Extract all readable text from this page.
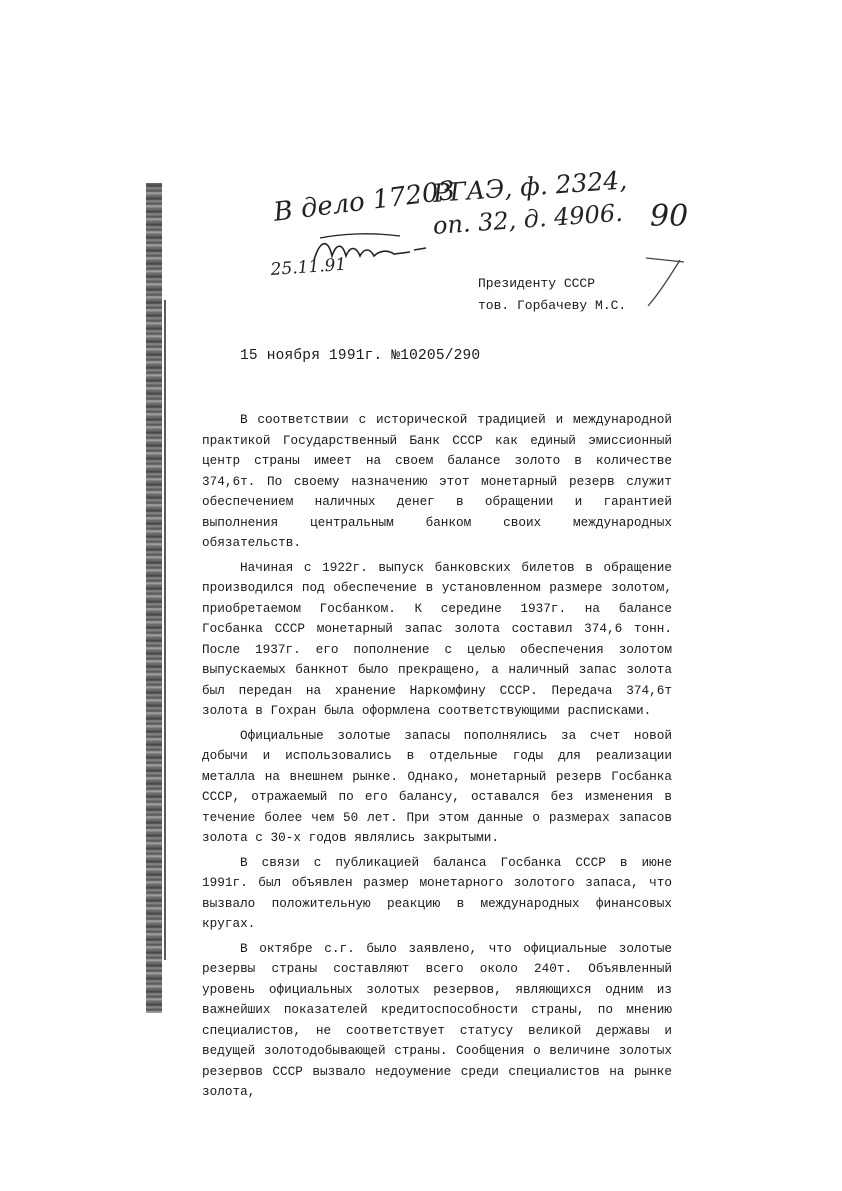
В дело 17203
РГАЭ, ф. 2324,
оп. 32, д. 4906. 90
25.11.91
Президенту СССР
тов. Горбачеву М.С.
15 ноября 1991г. №10205/290

В соответствии с исторической традицией и международной практикой Государственный Банк СССР как единый эмиссионный центр страны имеет на своем балансе золото в количестве 374,6т. По своему назначению этот монетарный резерв служит обеспечением наличных денег в обращении и гарантией выполнения центральным банком своих международных обязательств.

Начиная с 1922г. выпуск банковских билетов в обращение производился под обеспечение в установленном размере золотом, приобретаемом Госбанком. К середине 1937г. на балансе Госбанка СССР монетарный запас золота составил 374,6 тонн. После 1937г. его пополнение с целью обеспечения золотом выпускаемых банкнот было прекращено, а наличный запас золота был передан на хранение Наркомфину СССР. Передача 374,6т золота в Гохран была оформлена соответствующими расписками.

Официальные золотые запасы пополнялись за счет новой добычи и использовались в отдельные годы для реализации металла на внешнем рынке. Однако, монетарный резерв Госбанка СССР, отражаемый по его балансу, оставался без изменения в течение более чем 50 лет. При этом данные о размерах запасов золота с 30-х годов являлись закрытыми.

В связи с публикацией баланса Госбанка СССР в июне 1991г. был объявлен размер монетарного золотого запаса, что вызвало положительную реакцию в международных финансовых кругах.

В октябре с.г. было заявлено, что официальные золотые резервы страны составляют всего около 240т. Объявленный уровень официальных золотых резервов, являющихся одним из важнейших показателей кредитоспособности страны, по мнению специалистов, не соответствует статусу великой державы и ведущей золотодобывающей страны. Сообщения о величине золотых резервов СССР вызвало недоумение среди специалистов на рынке золота,
